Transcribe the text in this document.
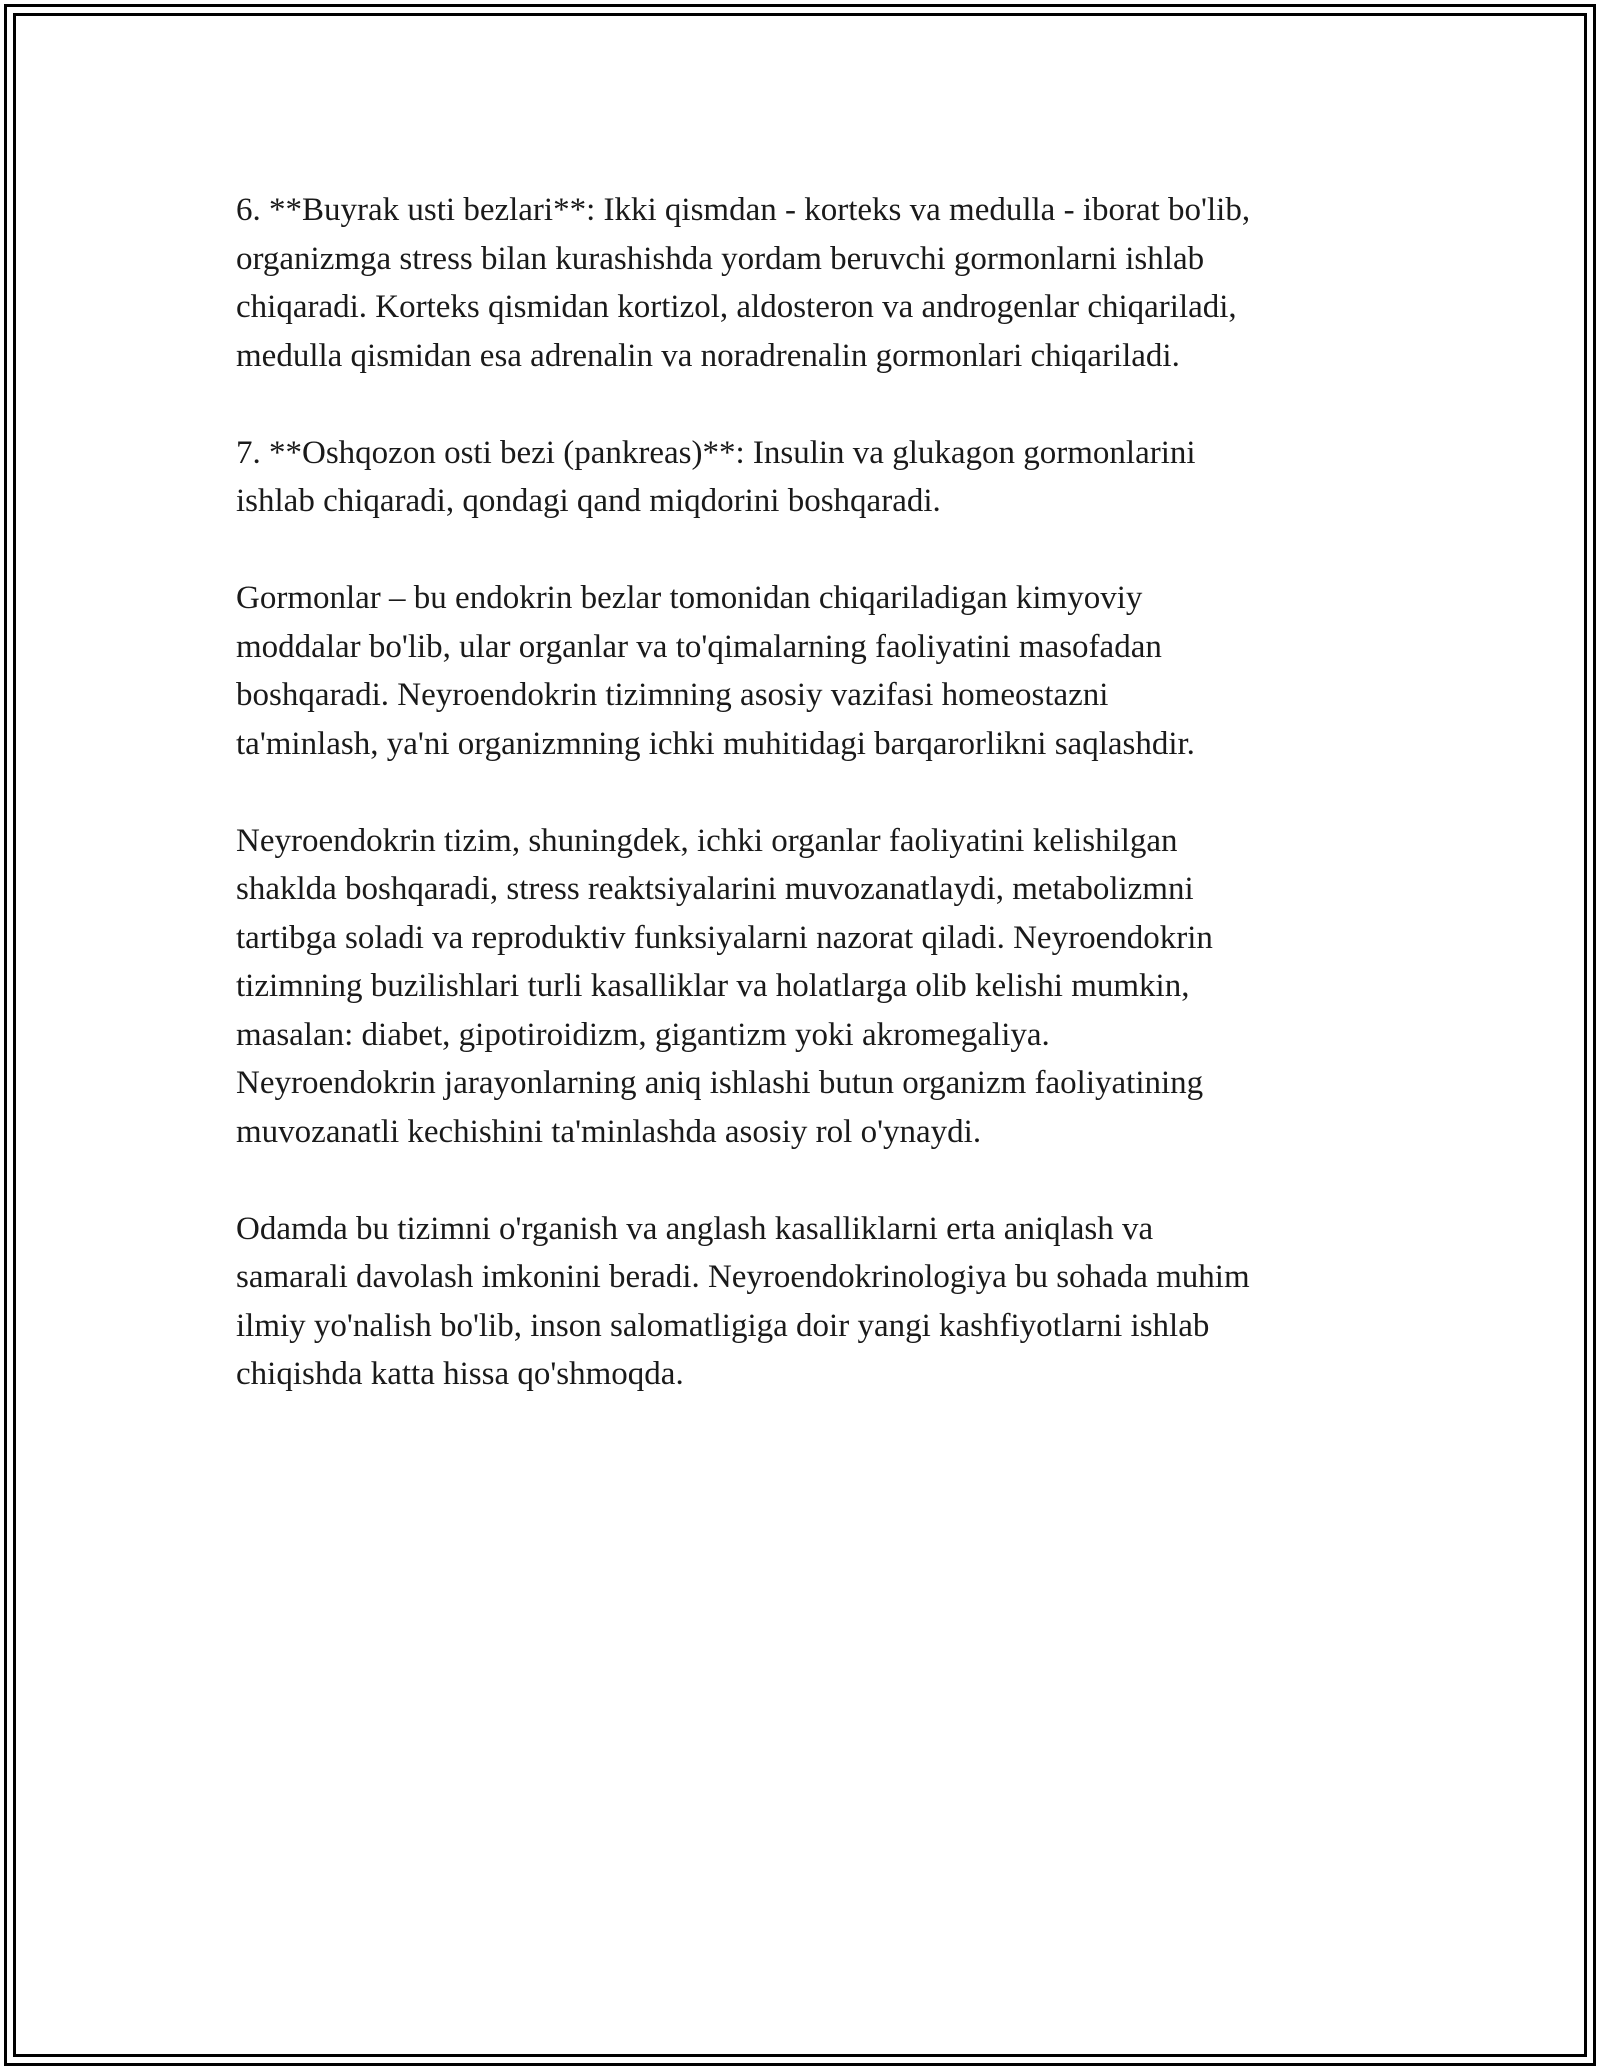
6. **Buyrak usti bezlari**: Ikki qismdan - korteks va medulla - iborat bo'lib,
organizmga stress bilan kurashishda yordam beruvchi gormonlarni ishlab
chiqaradi. Korteks qismidan kortizol, aldosteron va androgenlar chiqariladi,
medulla qismidan esa adrenalin va noradrenalin gormonlari chiqariladi.

7. **Oshqozon osti bezi (pankreas)**: Insulin va glukagon gormonlarini
ishlab chiqaradi, qondagi qand miqdorini boshqaradi.

Gormonlar – bu endokrin bezlar tomonidan chiqariladigan kimyoviy
moddalar bo'lib, ular organlar va to'qimalarning faoliyatini masofadan
boshqaradi. Neyroendokrin tizimning asosiy vazifasi homeostazni
ta'minlash, ya'ni organizmning ichki muhitidagi barqarorlikni saqlashdir.

Neyroendokrin tizim, shuningdek, ichki organlar faoliyatini kelishilgan
shaklda boshqaradi, stress reaktsiyalarini muvozanatlaydi, metabolizmni
tartibga soladi va reproduktiv funksiyalarni nazorat qiladi. Neyroendokrin
tizimning buzilishlari turli kasalliklar va holatlarga olib kelishi mumkin,
masalan: diabet, gipotiroidizm, gigantizm yoki akromegaliya.
Neyroendokrin jarayonlarning aniq ishlashi butun organizm faoliyatining
muvozanatli kechishini ta'minlashda asosiy rol o'ynaydi.

Odamda bu tizimni o'rganish va anglash kasalliklarni erta aniqlash va
samarali davolash imkonini beradi. Neyroendokrinologiya bu sohada muhim
ilmiy yo'nalish bo'lib, inson salomatligiga doir yangi kashfiyotlarni ishlab
chiqishda katta hissa qo'shmoqda.
